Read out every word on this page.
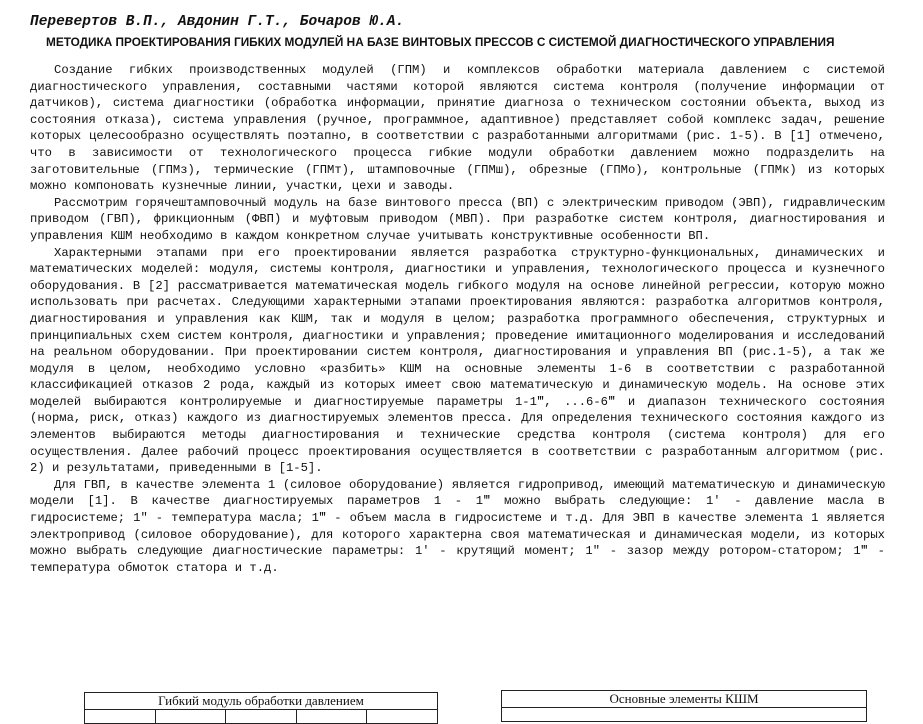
Перевертов В.П., Авдонин Г.Т., Бочаров Ю.А.
МЕТОДИКА ПРОЕКТИРОВАНИЯ ГИБКИХ МОДУЛЕЙ НА БАЗЕ ВИНТОВЫХ ПРЕССОВ С СИСТЕМОЙ ДИАГНОСТИЧЕСКОГО УПРАВЛЕНИЯ

Создание гибких производственных модулей (ГПМ) и комплексов обработки материала давлением с системой диагностического управления, составными частями которой являются система контроля (получение информации от датчиков), система диагностики (обработка информации, принятие диагноза о техническом состоянии объекта, выход из состояния отказа), система управления (ручное, программное, адаптивное) представляет собой комплекс задач, решение которых целесообразно осуществлять поэтапно, в соответствии с разработанными алгоритмами (рис. 1-5). В [1] отмечено, что в зависимости от технологического процесса гибкие модули обработки давлением можно подразделить на заготовительные (ГПМз), термические (ГПМт), штамповочные (ГПМш), обрезные (ГПМо), контрольные (ГПМк) из которых можно компоновать кузнечные линии, участки, цехи и заводы.

Рассмотрим горячештамповочный модуль на базе винтового пресса (ВП) с электрическим приводом (ЭВП), гидравлическим приводом (ГВП), фрикционным (ФВП) и муфтовым приводом (МВП). При разработке систем контроля, диагностирования и управления КШМ необходимо в каждом конкретном случае учитывать конструктивные особенности ВП.

Характерными этапами при его проектировании является разработка структурно-функциональных, динамических и математических моделей: модуля, системы контроля, диагностики и управления, технологического процесса и кузнечного оборудования. В [2] рассматривается математическая модель гибкого модуля на основе линейной регрессии, которую можно использовать при расчетах. Следующими характерными этапами проектирования являются: разработка алгоритмов контроля, диагностирования и управления как КШМ, так и модуля в целом; разработка программного обеспечения, структурных и принципиальных схем систем контроля, диагностики и управления; проведение имитационного моделирования и исследований на реальном оборудовании. При проектировании систем контроля, диагностирования и управления ВП (рис.1-5), а так же модуля в целом, необходимо условно «разбить» КШМ на основные элементы 1-6 в соответствии с разработанной классификацией отказов 2 рода, каждый из которых имеет свою математическую и динамическую модель. На основе этих моделей выбираются контролируемые и диагностируемые параметры 1-1‴, ...6-6‴ и диапазон технического состояния (норма, риск, отказ) каждого из диагностируемых элементов пресса. Для определения технического состояния каждого из элементов выбираются методы диагностирования и технические средства контроля (система контроля) для его осуществления. Далее рабочий процесс проектирования осуществляется в соответствии с разработанным алгоритмом (рис. 2) и результатами, приведенными в [1-5].

Для ГВП, в качестве элемента 1 (силовое оборудование) является гидропривод, имеющий математическую и динамическую модели [1]. В качестве диагностируемых параметров 1 - 1‴ можно выбрать следующие: 1′ - давление масла в гидросистеме; 1″ - температура масла; 1‴ - объем масла в гидросистеме и т.д. Для ЭВП в качестве элемента 1 является электропривод (силовое оборудование), для которого характерна своя математическая и динамическая модели, из которых можно выбрать следующие диагностические параметры: 1′ - крутящий момент; 1″ - зазор между роторoм-статором; 1‴ - температура обмоток статора и т.д.

Гибкий модуль обработки давлением	Основные элементы КШМ
